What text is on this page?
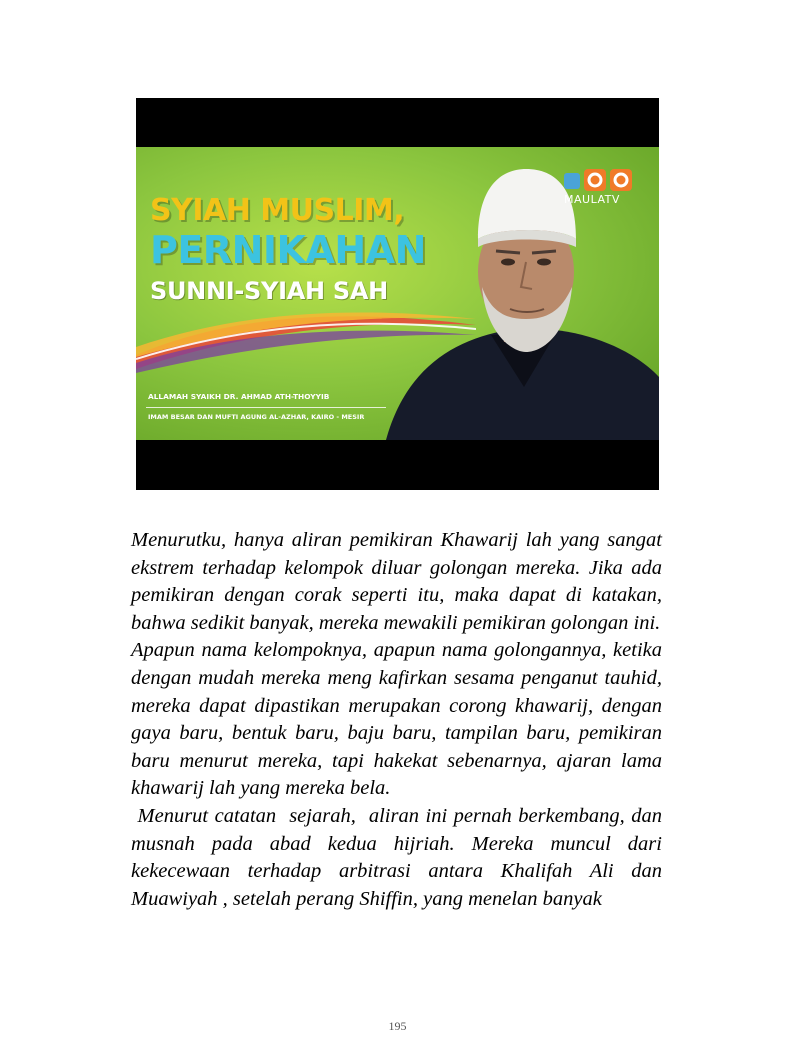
SYIAH MUSLIM,
PERNIKAHAN
SUNNI-SYIAH SAH
ALLAMAH SYAIKH DR. AHMAD ATH-THOYYIB
IMAM BESAR DAN MUFTI AGUNG AL-AZHAR, KAIRO - MESIR
MAULATV

Menurutku, hanya aliran pemikiran Khawarij lah yang sangat ekstrem terhadap kelompok diluar golongan mereka. Jika ada pemikiran dengan corak seperti itu, maka dapat di katakan, bahwa sedikit banyak, mereka mewakili pemikiran golongan ini.

Apapun nama kelompoknya, apapun nama golongannya, ketika dengan mudah mereka meng kafirkan sesama penganut tauhid, mereka dapat dipastikan merupakan corong khawarij, dengan gaya baru, bentuk baru, baju baru, tampilan baru, pemikiran baru menurut mereka, tapi hakekat sebenarnya, ajaran lama khawarij lah yang mereka bela.

Menurut catatan  sejarah,  aliran ini pernah berkembang, dan musnah pada abad kedua hijriah. Mereka muncul dari kekecewaan terhadap arbitrasi antara Khalifah Ali dan Muawiyah , setelah perang Shiffin, yang menelan banyak

195
